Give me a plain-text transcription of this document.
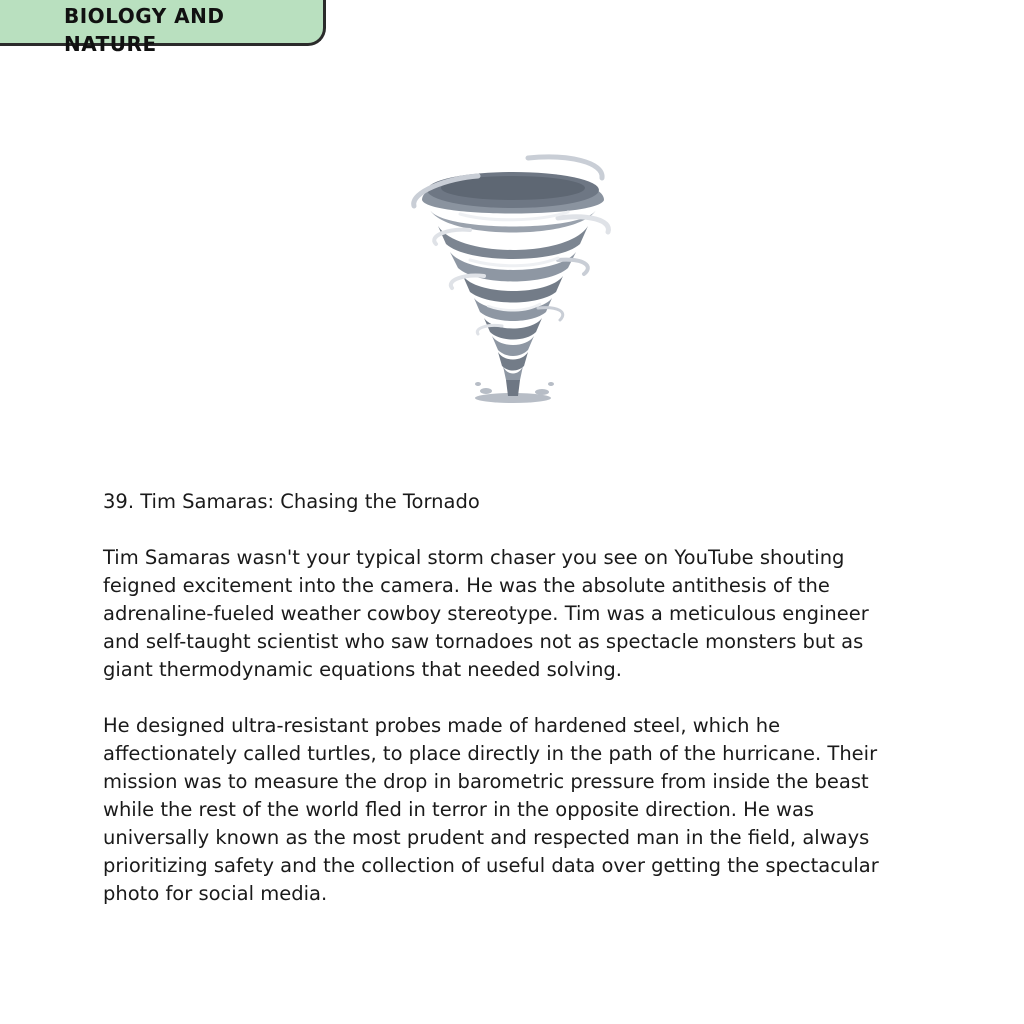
BIOLOGY AND NATURE
39. Tim Samaras: Chasing the Tornado

Tim Samaras wasn't your typical storm chaser you see on YouTube shouting
feigned excitement into the camera. He was the absolute antithesis of the
adrenaline-fueled weather cowboy stereotype. Tim was a meticulous engineer
and self-taught scientist who saw tornadoes not as spectacle monsters but as
giant thermodynamic equations that needed solving.

He designed ultra-resistant probes made of hardened steel, which he
affectionately called turtles, to place directly in the path of the hurricane. Their
mission was to measure the drop in barometric pressure from inside the beast
while the rest of the world fled in terror in the opposite direction. He was
universally known as the most prudent and respected man in the field, always
prioritizing safety and the collection of useful data over getting the spectacular
photo for social media.
